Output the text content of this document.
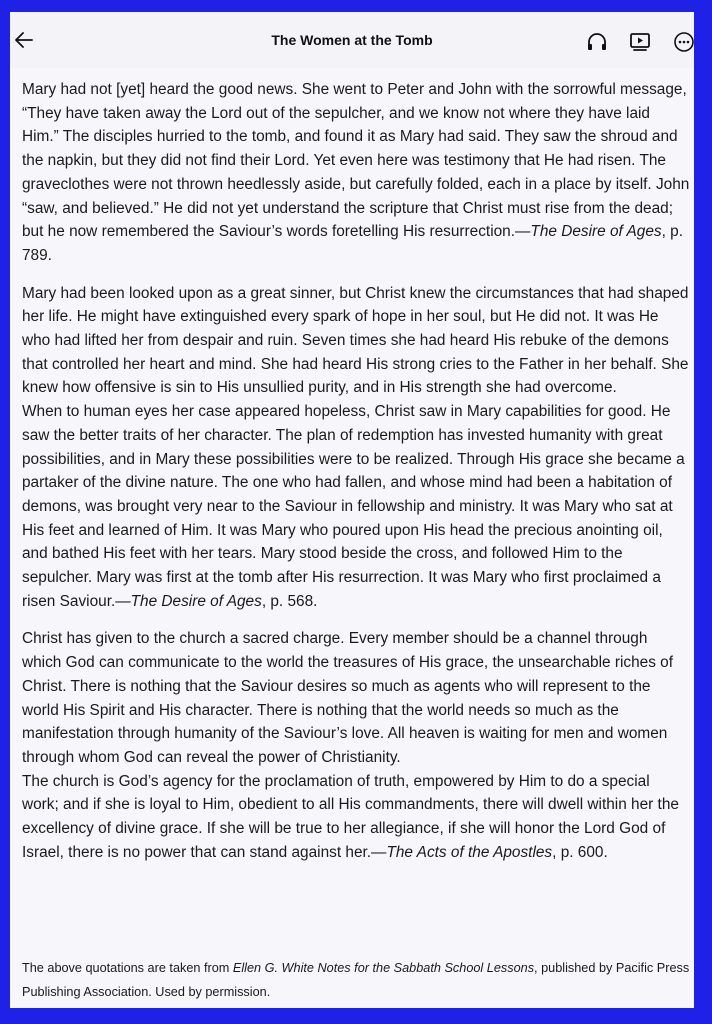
The Women at the Tomb

Mary had not [yet] heard the good news. She went to Peter and John with the sorrowful message, “They have taken away the Lord out of the sepulcher, and we know not where they have laid Him.” The disciples hurried to the tomb, and found it as Mary had said. They saw the shroud and the napkin, but they did not find their Lord. Yet even here was testimony that He had risen. The graveclothes were not thrown heedlessly aside, but carefully folded, each in a place by itself. John “saw, and believed.” He did not yet understand the scripture that Christ must rise from the dead; but he now remembered the Saviour’s words foretelling His resurrection.—The Desire of Ages, p. 789.

Mary had been looked upon as a great sinner, but Christ knew the circumstances that had shaped her life. He might have extinguished every spark of hope in her soul, but He did not. It was He who had lifted her from despair and ruin. Seven times she had heard His rebuke of the demons that controlled her heart and mind. She had heard His strong cries to the Father in her behalf. She knew how offensive is sin to His unsullied purity, and in His strength she had overcome.

When to human eyes her case appeared hopeless, Christ saw in Mary capabilities for good. He saw the better traits of her character. The plan of redemption has invested humanity with great possibilities, and in Mary these possibilities were to be realized. Through His grace she became a partaker of the divine nature. The one who had fallen, and whose mind had been a habitation of demons, was brought very near to the Saviour in fellowship and ministry. It was Mary who sat at His feet and learned of Him. It was Mary who poured upon His head the precious anointing oil, and bathed His feet with her tears. Mary stood beside the cross, and followed Him to the sepulcher. Mary was first at the tomb after His resurrection. It was Mary who first proclaimed a risen Saviour.—The Desire of Ages, p. 568.

Christ has given to the church a sacred charge. Every member should be a channel through which God can communicate to the world the treasures of His grace, the unsearchable riches of Christ. There is nothing that the Saviour desires so much as agents who will represent to the world His Spirit and His character. There is nothing that the world needs so much as the manifestation through humanity of the Saviour’s love. All heaven is waiting for men and women through whom God can reveal the power of Christianity.

The church is God’s agency for the proclamation of truth, empowered by Him to do a special work; and if she is loyal to Him, obedient to all His commandments, there will dwell within her the excellency of divine grace. If she will be true to her allegiance, if she will honor the Lord God of Israel, there is no power that can stand against her.—The Acts of the Apostles, p. 600.

The above quotations are taken from Ellen G. White Notes for the Sabbath School Lessons, published by Pacific Press Publishing Association. Used by permission.
